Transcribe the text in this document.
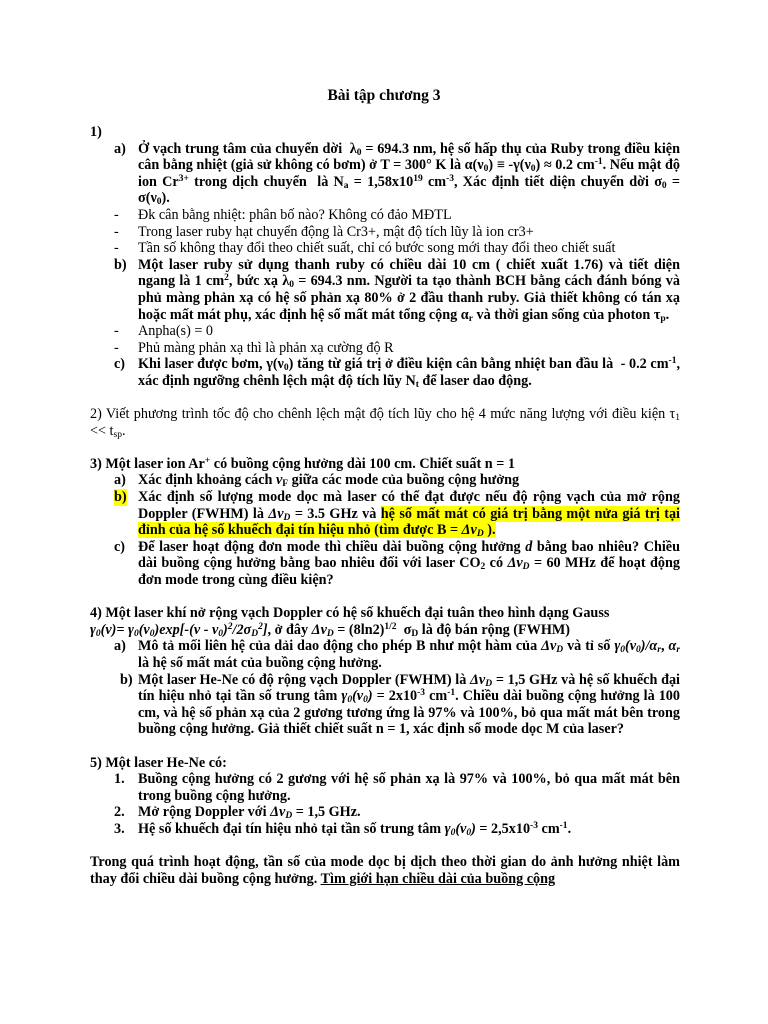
Bài tập chương 3
1)
a) Ở vạch trung tâm của chuyển dời  $\lambda_0 = 694.3$ nm, hệ số hấp thụ của Ruby trong điều kiện cân bằng nhiệt (giả sử không có bơm) ở T = 300° K là $\alpha(\nu_0) \equiv -\gamma(\nu_0) \approx 0.2$ $cm^{-1}$. Nếu mật độ ion $Cr^{3+}$ trong dịch chuyển  là $N_a = 1,58x10^{19}$ $cm^{-3}$, Xác định tiết diện chuyển dời $\sigma_0 = \sigma(\nu_0)$.
- Đk cân bằng nhiệt: phân bố nào? Không có đảo MĐTL
- Trong laser ruby hạt chuyển động là Cr3+, mật độ tích lũy là ion cr3+
- Tần số không thay đổi theo chiết suất, chỉ có bước song mới thay đổi theo chiết suất
b) Một laser ruby sử dụng thanh ruby có chiều dài 10 cm ( chiết xuất 1.76) và tiết diện ngang là 1 $cm^2$, bức xạ $\lambda_0 = 694.3$ nm. Người ta tạo thành BCH bằng cách đánh bóng và phủ màng phản xạ có hệ số phản xạ 80% ở 2 đầu thanh ruby. Giả thiết không có tán xạ hoặc mất mát phụ, xác định hệ số mất mát tổng cộng $\alpha_r$ và thời gian sống của photon $\tau_p$.
- Anpha(s) = 0
- Phủ màng phản xạ thì là phản xạ cường độ R
c) Khi laser được bơm, $\gamma(\nu_0)$ tăng từ giá trị ở điều kiện cân bằng nhiệt ban đầu là  - 0.2 $cm^{-1}$, xác định ngưỡng chênh lệch mật độ tích lũy $N_t$ để laser dao động.
2) Viết phương trình tốc độ cho chênh lệch mật độ tích lũy cho hệ 4 mức năng lượng với điều kiện $\tau_1 << t_{sp}$.
3) Một laser ion Ar+ có buồng cộng hưởng dài 100 cm. Chiết suất n = 1
a) Xác định khoảng cách $\nu_F$ giữa các mode của buồng cộng hưởng
b) Xác định số lượng mode dọc mà laser có thể đạt được nếu độ rộng vạch của mở rộng Doppler (FWHM) là $\Delta\nu_D = 3.5$ GHz và hệ số mất mát có giá trị bằng một nửa giá trị tại đỉnh của hệ số khuếch đại tín hiệu nhỏ (tìm được $B = \Delta\nu_D$ ).
c) Để laser hoạt động đơn mode thì chiều dài buồng cộng hưởng d bằng bao nhiêu? Chiều dài buồng cộng hưởng bằng bao nhiêu đối với laser $CO_2$ có $\Delta\nu_D = 60$ MHz để hoạt động đơn mode trong cùng điều kiện?
4) Một laser khí nở rộng vạch Doppler có hệ số khuếch đại tuân theo hình dạng Gauss
$\gamma_0(\nu)= \gamma_0(\nu_0)\exp[-(\nu - \nu_0)^2/2\sigma_D^2]$, ở đây $\Delta\nu_D = (8\ln 2)^{1/2}$  $\sigma_D$ là độ bán rộng (FWHM)
a) Mô tả mối liên hệ của dải dao động cho phép B như một hàm của $\Delta\nu_D$ và tỉ số $\gamma_0(\nu_0)/\alpha_r$, $\alpha_r$ là hệ số mất mát của buồng cộng hưởng.
b) Một laser He-Ne có độ rộng vạch Doppler (FWHM) là $\Delta\nu_D = 1,5$ GHz và hệ số khuếch đại tín hiệu nhỏ tại tần số trung tâm $\gamma_0(\nu_0) = 2x10^{-3}$ $cm^{-1}$. Chiều dài buồng cộng hưởng là 100 cm, và hệ số phản xạ của 2 gương tương ứng là 97% và 100%, bỏ qua mất mát bên trong buồng cộng hưởng. Giả thiết chiết suất n = 1, xác định số mode dọc M của laser?
5) Một laser He-Ne có:
1. Buồng cộng hưởng có 2 gương với hệ số phản xạ là 97% và 100%, bỏ qua mất mát bên trong buồng cộng hưởng.
2. Mở rộng Doppler với $\Delta\nu_D = 1,5$ GHz.
3. Hệ số khuếch đại tín hiệu nhỏ tại tần số trung tâm $\gamma_0(\nu_0) = 2,5x10^{-3}$ $cm^{-1}$.
Trong quá trình hoạt động, tần số của mode dọc bị dịch theo thời gian do ảnh hưởng nhiệt làm thay đổi chiều dài buồng cộng hưởng. Tìm giới hạn chiều dài của buồng cộng
